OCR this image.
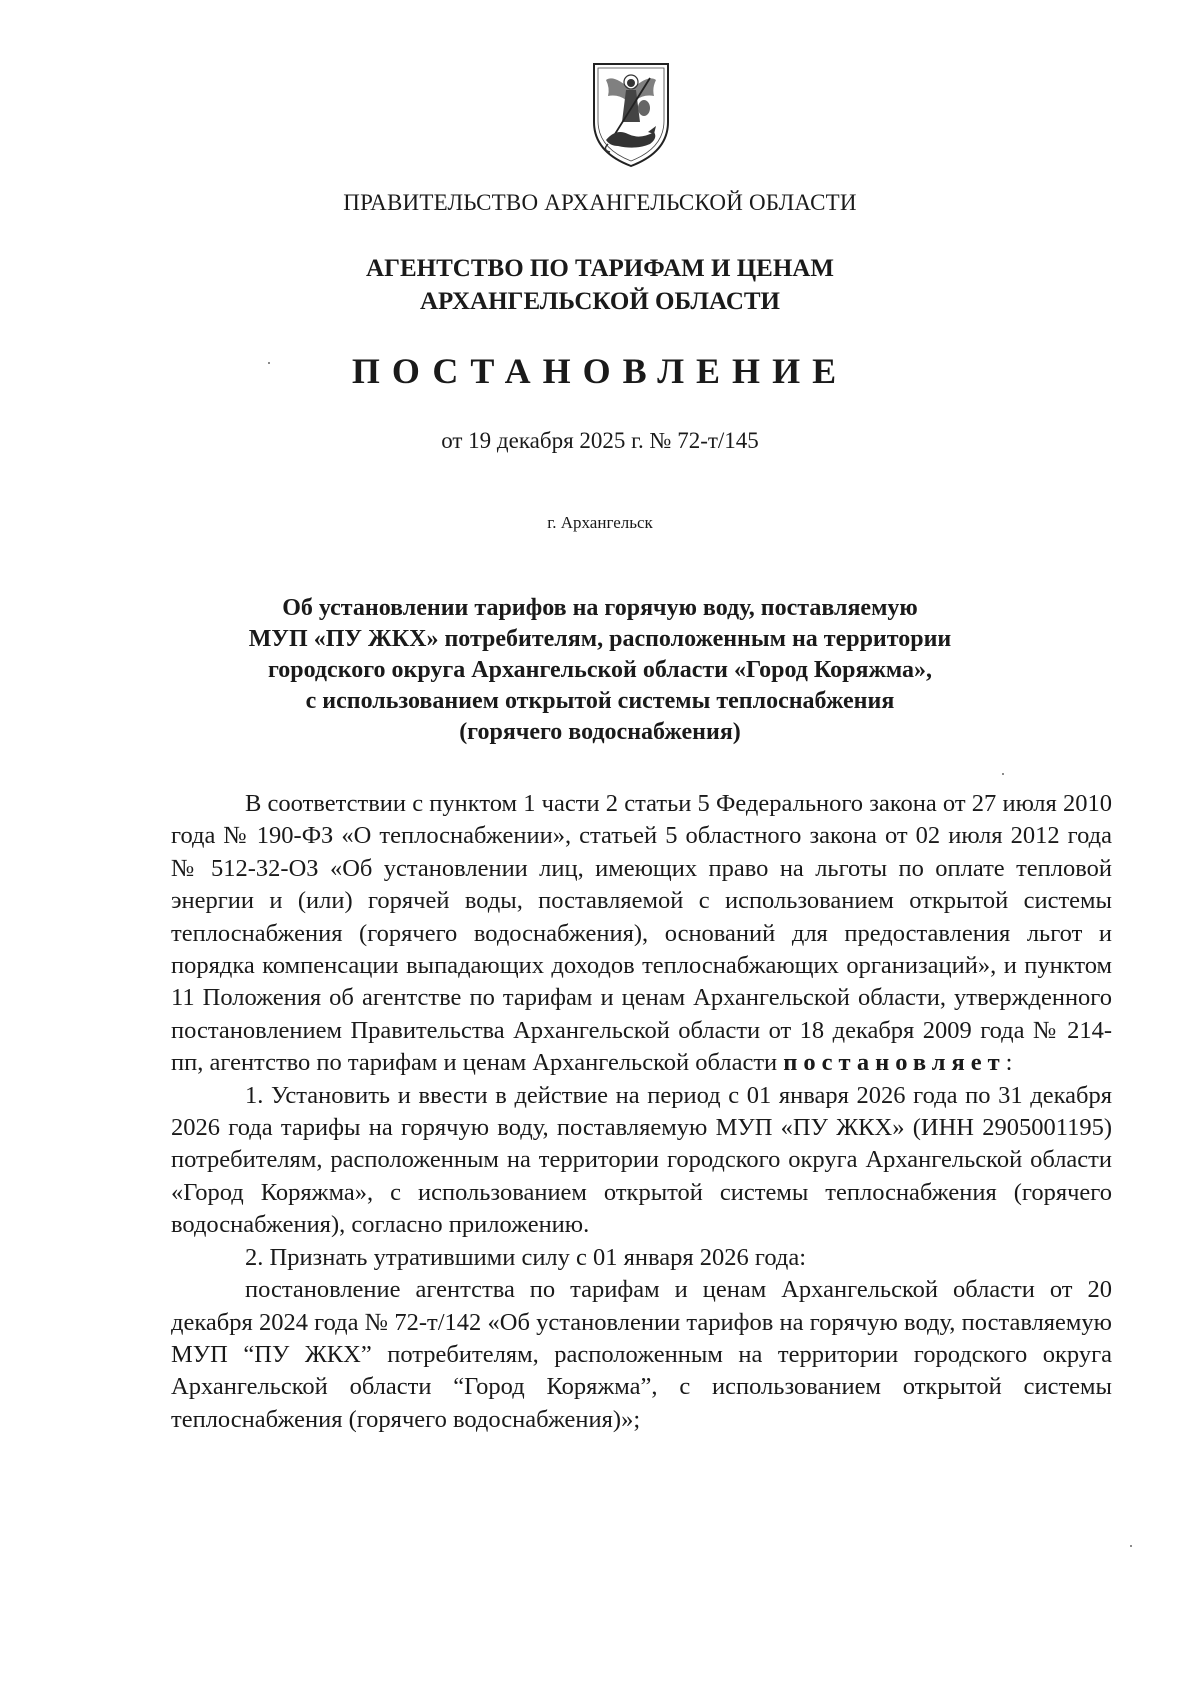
ПРАВИТЕЛЬСТВО АРХАНГЕЛЬСКОЙ ОБЛАСТИ
АГЕНТСТВО ПО ТАРИФАМ И ЦЕНАМ
АРХАНГЕЛЬСКОЙ ОБЛАСТИ
ПОСТАНОВЛЕНИЕ
от 19 декабря 2025 г. № 72-т/145
г. Архангельск
Об установлении тарифов на горячую воду, поставляемую
МУП «ПУ ЖКХ» потребителям, расположенным на территории
городского округа Архангельской области «Город Коряжма»,
с использованием открытой системы теплоснабжения
(горячего водоснабжения)

В соответствии с пунктом 1 части 2 статьи 5 Федерального закона от 27 июля 2010 года № 190-ФЗ «О теплоснабжении», статьей 5 областного закона от 02 июля 2012 года № 512-32-ОЗ «Об установлении лиц, имеющих право на льготы по оплате тепловой энергии и (или) горячей воды, поставляемой с использованием открытой системы теплоснабжения (горячего водоснабжения), оснований для предоставления льгот и порядка компенсации выпадающих доходов теплоснабжающих организаций», и пунктом 11 Положения об агентстве по тарифам и ценам Архангельской области, утвержденного постановлением Правительства Архангельской области от 18 декабря 2009 года № 214-пп, агентство по тарифам и ценам Архангельской области постановляет:

1. Установить и ввести в действие на период с 01 января 2026 года по 31 декабря 2026 года тарифы на горячую воду, поставляемую МУП «ПУ ЖКХ» (ИНН 2905001195) потребителям, расположенным на территории городского округа Архангельской области «Город Коряжма», с использованием открытой системы теплоснабжения (горячего водоснабжения), согласно приложению.

2. Признать утратившими силу с 01 января 2026 года:

постановление агентства по тарифам и ценам Архангельской области от 20 декабря 2024 года № 72-т/142 «Об установлении тарифов на горячую воду, поставляемую МУП “ПУ ЖКХ” потребителям, расположенным на территории городского округа Архангельской области “Город Коряжма”, с использованием открытой системы теплоснабжения (горячего водоснабжения)»;
